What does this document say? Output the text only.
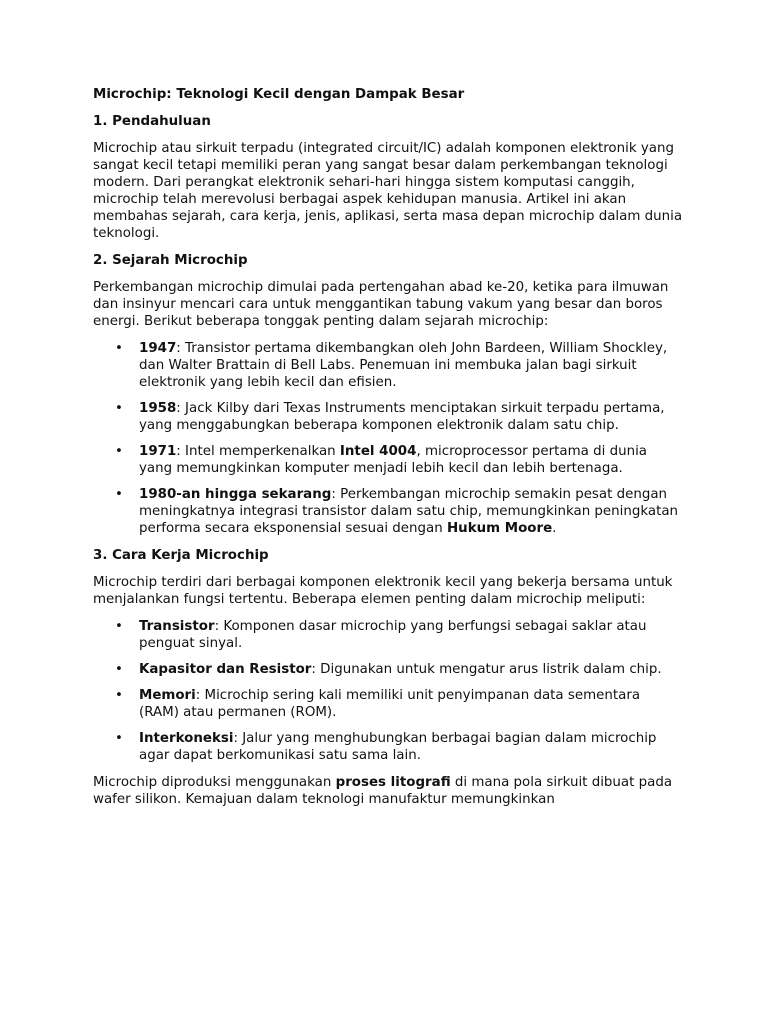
Microchip: Teknologi Kecil dengan Dampak Besar
1. Pendahuluan

Microchip atau sirkuit terpadu (integrated circuit/IC) adalah komponen elektronik yang sangat kecil tetapi memiliki peran yang sangat besar dalam perkembangan teknologi modern. Dari perangkat elektronik sehari-hari hingga sistem komputasi canggih, microchip telah merevolusi berbagai aspek kehidupan manusia. Artikel ini akan membahas sejarah, cara kerja, jenis, aplikasi, serta masa depan microchip dalam dunia teknologi.

2. Sejarah Microchip

Perkembangan microchip dimulai pada pertengahan abad ke-20, ketika para ilmuwan dan insinyur mencari cara untuk menggantikan tabung vakum yang besar dan boros energi. Berikut beberapa tonggak penting dalam sejarah microchip:

• 1947: Transistor pertama dikembangkan oleh John Bardeen, William Shockley, dan Walter Brattain di Bell Labs. Penemuan ini membuka jalan bagi sirkuit elektronik yang lebih kecil dan efisien.
• 1958: Jack Kilby dari Texas Instruments menciptakan sirkuit terpadu pertama, yang menggabungkan beberapa komponen elektronik dalam satu chip.
• 1971: Intel memperkenalkan Intel 4004, microprocessor pertama di dunia yang memungkinkan komputer menjadi lebih kecil dan lebih bertenaga.
• 1980-an hingga sekarang: Perkembangan microchip semakin pesat dengan meningkatnya integrasi transistor dalam satu chip, memungkinkan peningkatan performa secara eksponensial sesuai dengan Hukum Moore.
3. Cara Kerja Microchip

Microchip terdiri dari berbagai komponen elektronik kecil yang bekerja bersama untuk menjalankan fungsi tertentu. Beberapa elemen penting dalam microchip meliputi:

• Transistor: Komponen dasar microchip yang berfungsi sebagai saklar atau penguat sinyal.
• Kapasitor dan Resistor: Digunakan untuk mengatur arus listrik dalam chip.
• Memori: Microchip sering kali memiliki unit penyimpanan data sementara (RAM) atau permanen (ROM).
• Interkoneksi: Jalur yang menghubungkan berbagai bagian dalam microchip agar dapat berkomunikasi satu sama lain.

Microchip diproduksi menggunakan proses litografi di mana pola sirkuit dibuat pada wafer silikon. Kemajuan dalam teknologi manufaktur memungkinkan
